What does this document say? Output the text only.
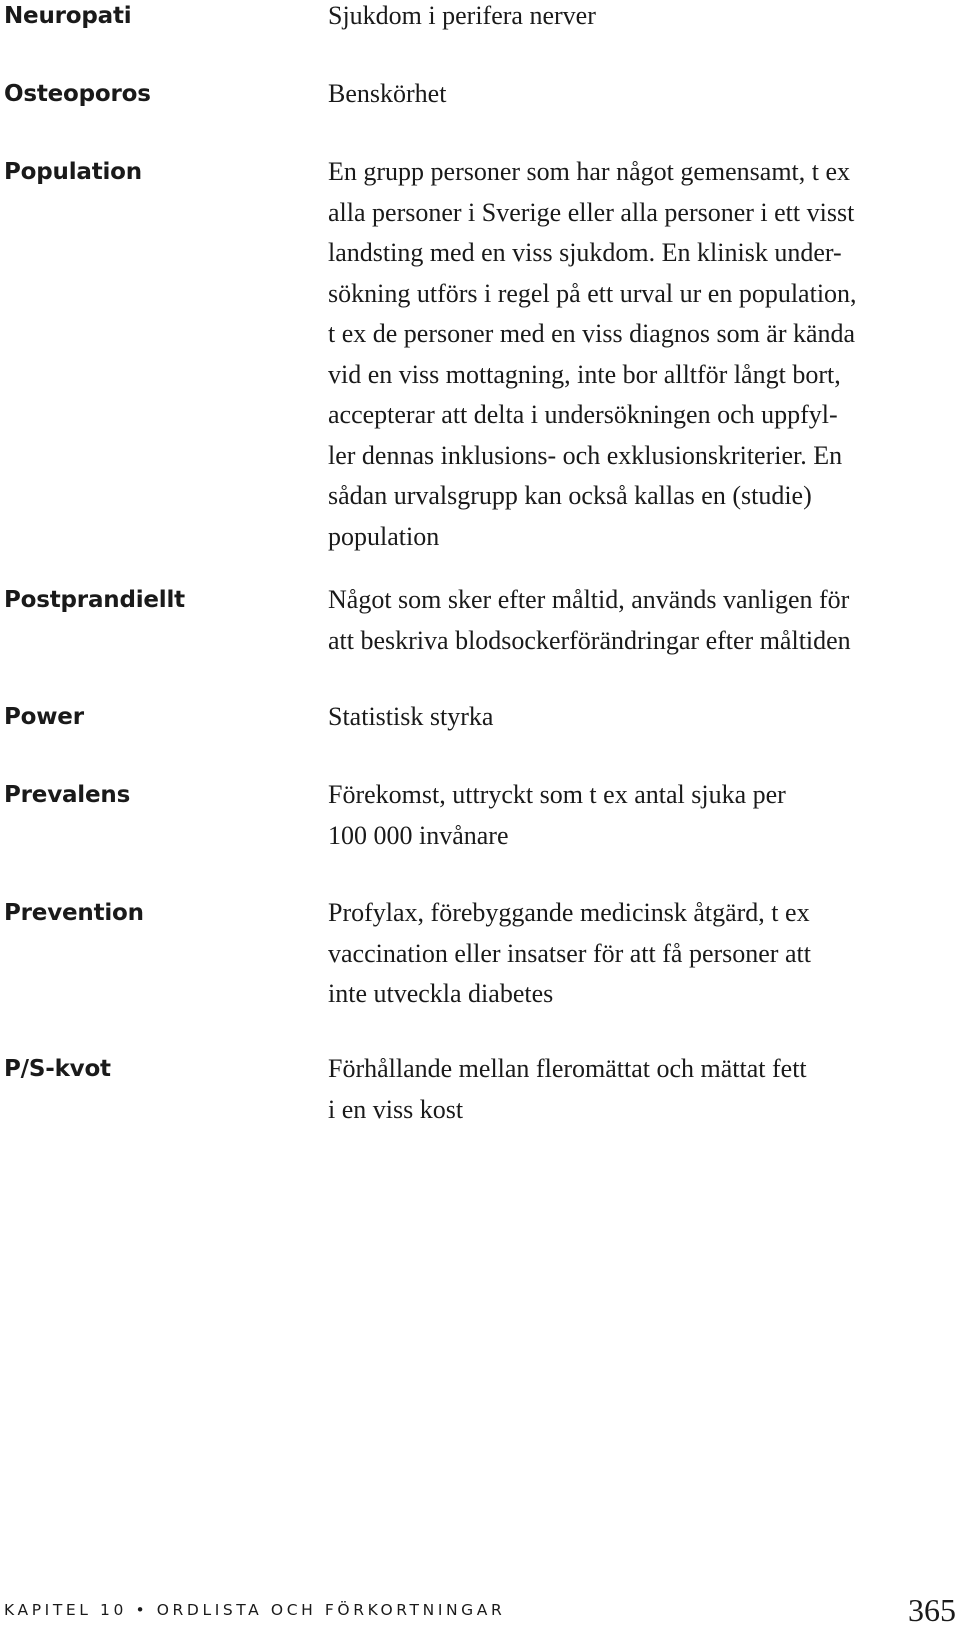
Neuropati	Sjukdom i perifera nerver
Osteoporos	Benskörhet
Population	En grupp personer som har något gemensamt, t ex
alla personer i Sverige eller alla personer i ett visst
landsting med en viss sjukdom. En klinisk under-
sökning utförs i regel på ett urval ur en population,
t ex de personer med en viss diagnos som är kända
vid en viss mottagning, inte bor alltför långt bort,
accepterar att delta i undersökningen och uppfyl-
ler dennas inklusions- och exklusionskriterier. En
sådan urvalsgrupp kan också kallas en (studie)
population
Postprandiellt	Något som sker efter måltid, används vanligen för
att beskriva blodsockerförändringar efter måltiden
Power	Statistisk styrka
Prevalens	Förekomst, uttryckt som t ex antal sjuka per
100 000 invånare
Prevention	Profylax, förebyggande medicinsk åtgärd, t ex
vaccination eller insatser för att få personer att
inte utveckla diabetes
P/S-kvot	Förhållande mellan fleromättat och mättat fett
i en viss kost
KAPITEL 10 • ORDLISTA OCH FÖRKORTNINGAR	365
